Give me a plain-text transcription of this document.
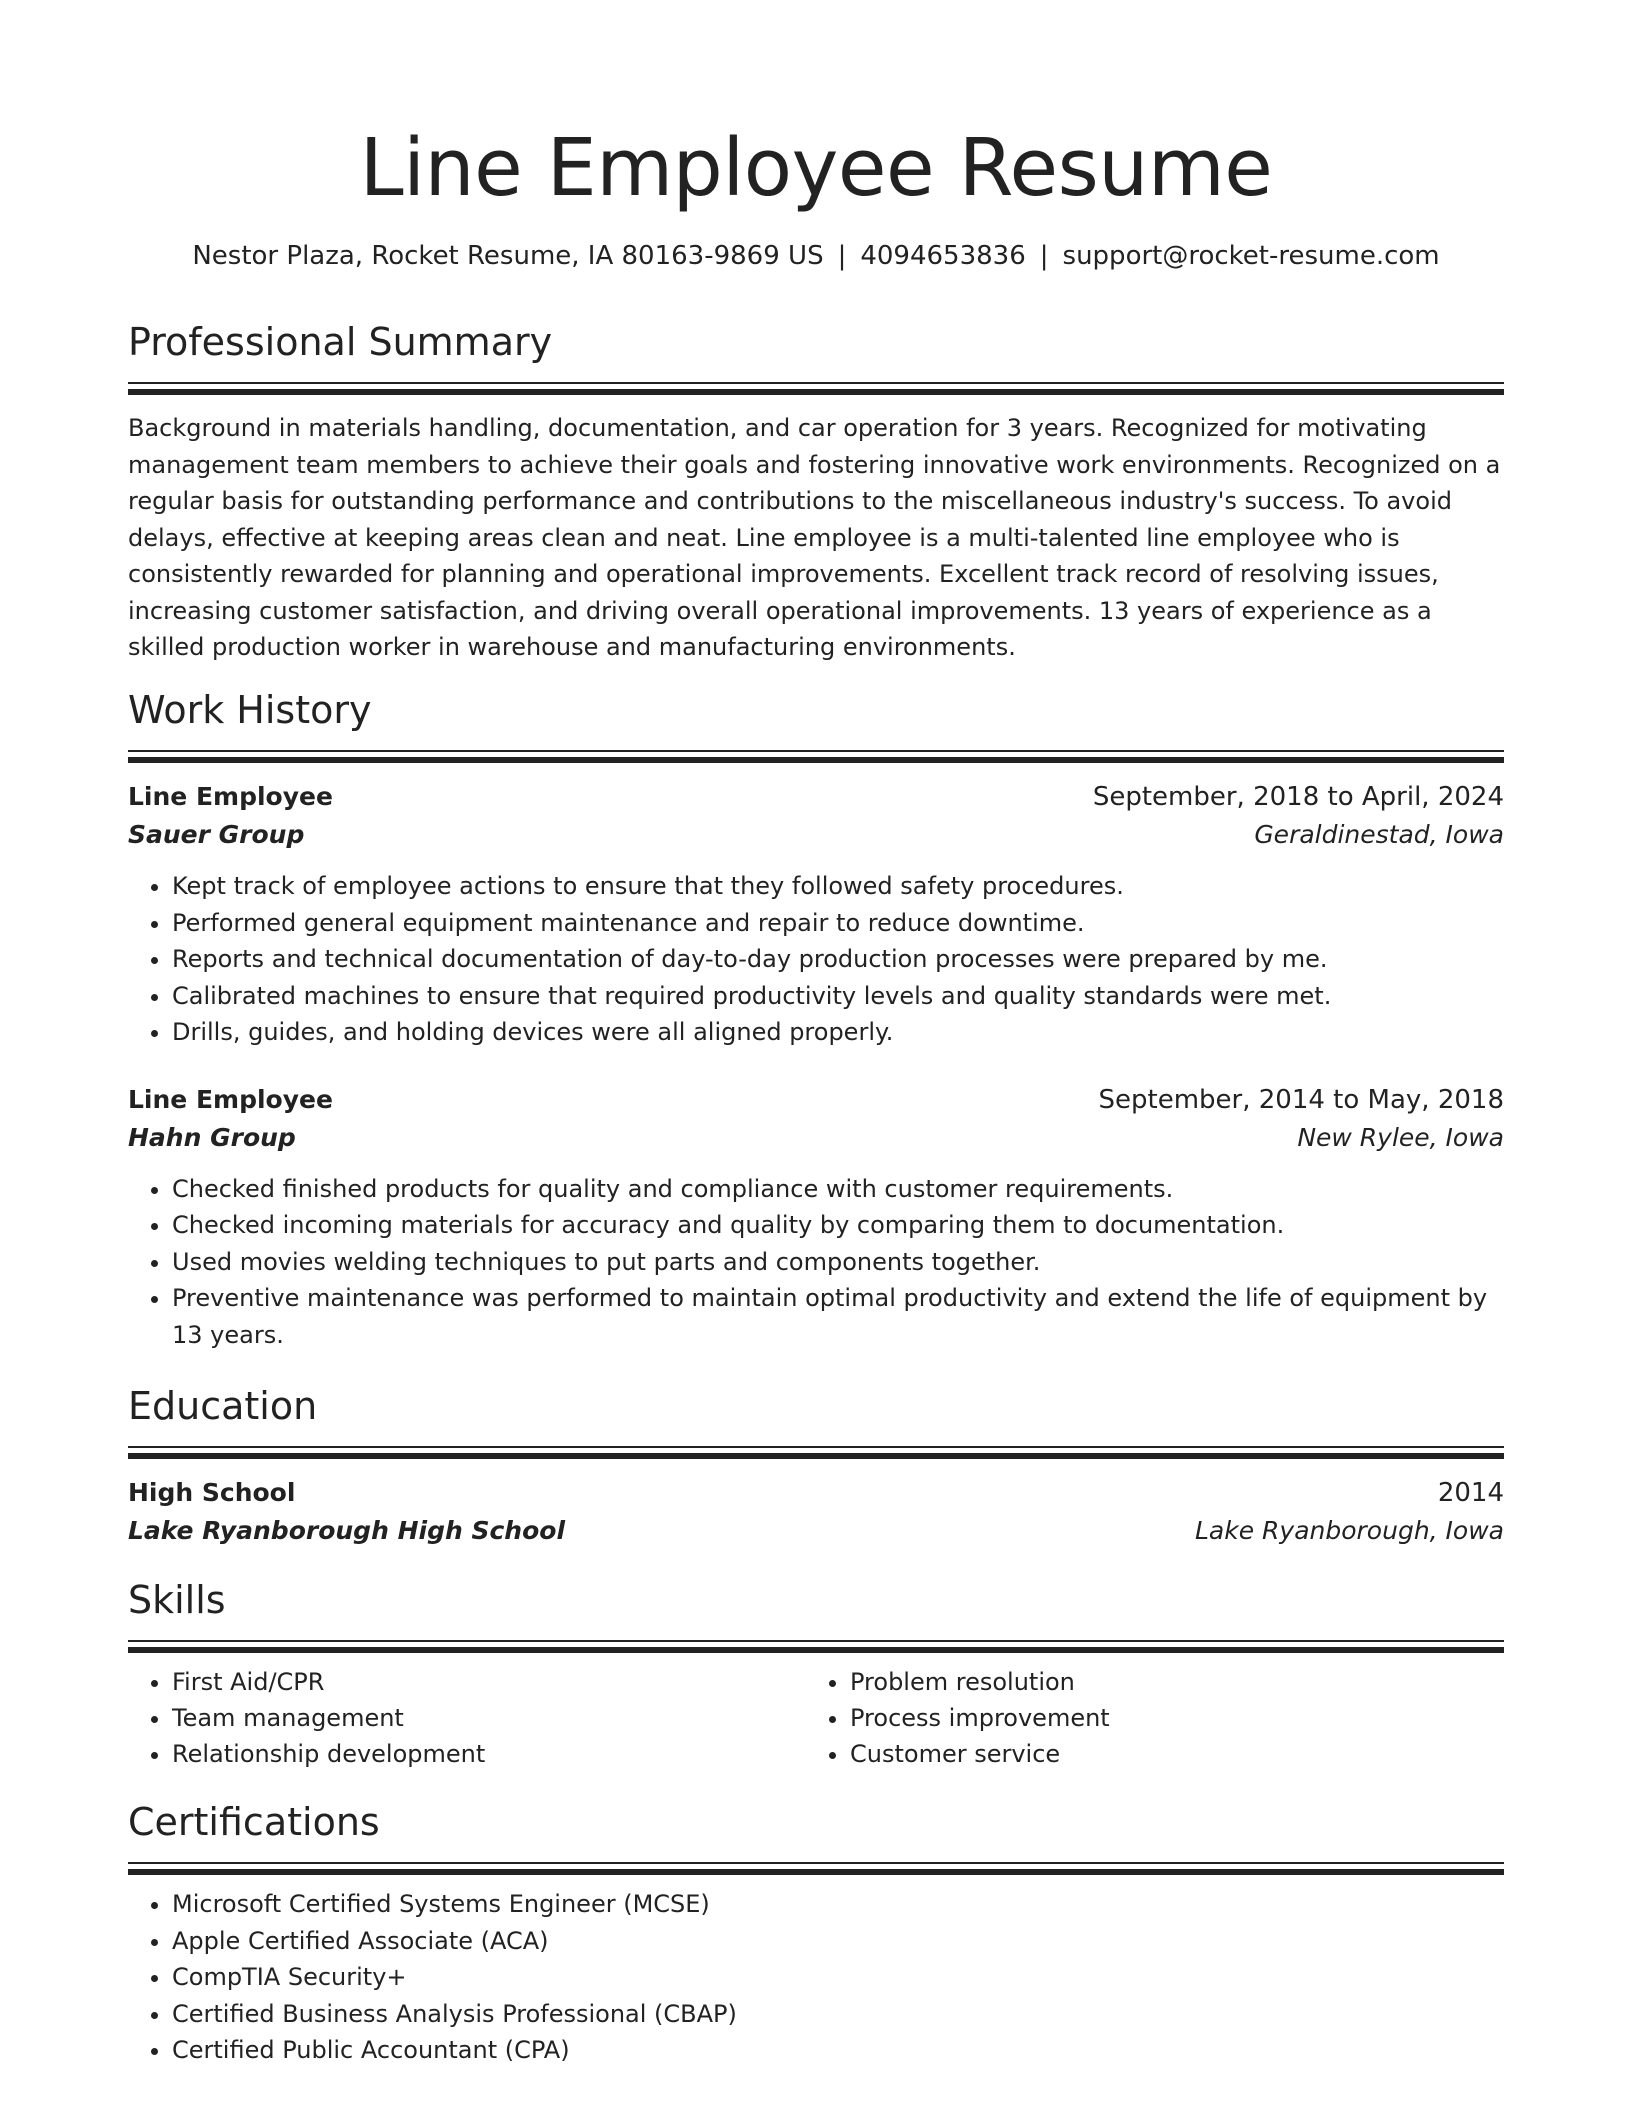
Line Employee Resume
Nestor Plaza, Rocket Resume, IA 80163-9869 US | 4094653836 | support@rocket-resume.com
Professional Summary

Background in materials handling, documentation, and car operation for 3 years. Recognized for motivating management team members to achieve their goals and fostering innovative work environments. Recognized on a regular basis for outstanding performance and contributions to the miscellaneous industry's success. To avoid delays, effective at keeping areas clean and neat. Line employee is a multi-talented line employee who is consistently rewarded for planning and operational improvements. Excellent track record of resolving issues, increasing customer satisfaction, and driving overall operational improvements. 13 years of experience as a skilled production worker in warehouse and manufacturing environments.

Work History
Line Employee	September, 2018 to April, 2024
Sauer Group	Geraldinestad, Iowa
• Kept track of employee actions to ensure that they followed safety procedures.
• Performed general equipment maintenance and repair to reduce downtime.
• Reports and technical documentation of day-to-day production processes were prepared by me.
• Calibrated machines to ensure that required productivity levels and quality standards were met.
• Drills, guides, and holding devices were all aligned properly.
Line Employee	September, 2014 to May, 2018
Hahn Group	New Rylee, Iowa
• Checked finished products for quality and compliance with customer requirements.
• Checked incoming materials for accuracy and quality by comparing them to documentation.
• Used movies welding techniques to put parts and components together.
• Preventive maintenance was performed to maintain optimal productivity and extend the life of equipment by 13 years.
Education
High School	2014
Lake Ryanborough High School	Lake Ryanborough, Iowa
Skills
• First Aid/CPR
• Team management
• Relationship development
• Problem resolution
• Process improvement
• Customer service
Certifications
• Microsoft Certified Systems Engineer (MCSE)
• Apple Certified Associate (ACA)
• CompTIA Security+
• Certified Business Analysis Professional (CBAP)
• Certified Public Accountant (CPA)
